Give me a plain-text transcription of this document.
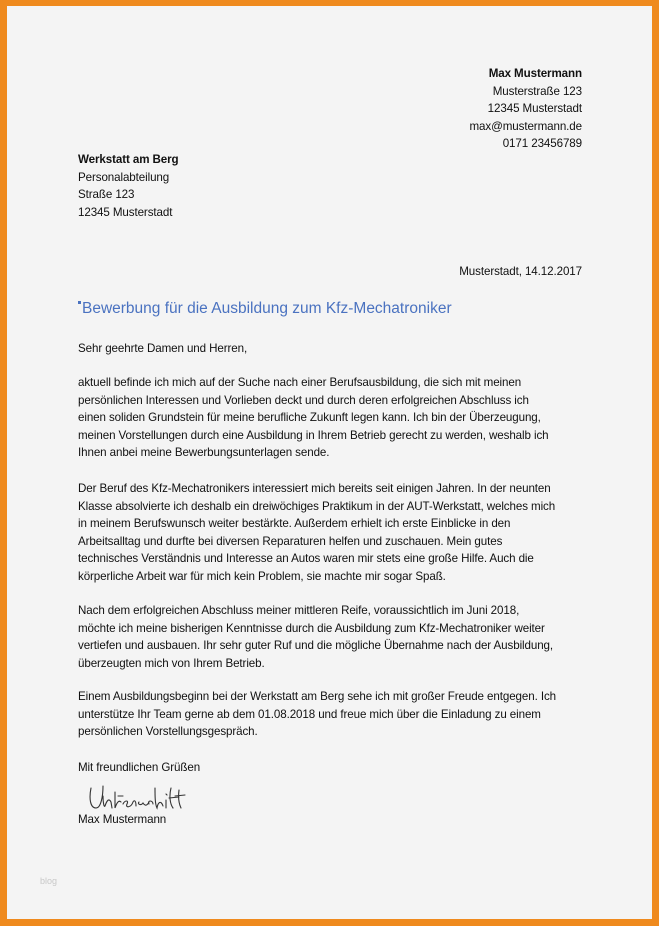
Max Mustermann
Musterstraße 123
12345 Musterstadt
max@mustermann.de
0171 23456789
Werkstatt am Berg
Personalabteilung
Straße 123
12345 Musterstadt
Musterstadt, 14.12.2017
Bewerbung für die Ausbildung zum Kfz-Mechatroniker
Sehr geehrte Damen und Herren,
aktuell befinde ich mich auf der Suche nach einer Berufsausbildung, die sich mit meinen
persönlichen Interessen und Vorlieben deckt und durch deren erfolgreichen Abschluss ich
einen soliden Grundstein für meine berufliche Zukunft legen kann. Ich bin der Überzeugung,
meinen Vorstellungen durch eine Ausbildung in Ihrem Betrieb gerecht zu werden, weshalb ich
Ihnen anbei meine Bewerbungsunterlagen sende.
Der Beruf des Kfz-Mechatronikers interessiert mich bereits seit einigen Jahren. In der neunten
Klasse absolvierte ich deshalb ein dreiwöchiges Praktikum in der AUT-Werkstatt, welches mich
in meinem Berufswunsch weiter bestärkte. Außerdem erhielt ich erste Einblicke in den
Arbeitsalltag und durfte bei diversen Reparaturen helfen und zuschauen. Mein gutes
technisches Verständnis und Interesse an Autos waren mir stets eine große Hilfe. Auch die
körperliche Arbeit war für mich kein Problem, sie machte mir sogar Spaß.
Nach dem erfolgreichen Abschluss meiner mittleren Reife, voraussichtlich im Juni 2018,
möchte ich meine bisherigen Kenntnisse durch die Ausbildung zum Kfz-Mechatroniker weiter
vertiefen und ausbauen. Ihr sehr guter Ruf und die mögliche Übernahme nach der Ausbildung,
überzeugten mich von Ihrem Betrieb.
Einem Ausbildungsbeginn bei der Werkstatt am Berg sehe ich mit großer Freude entgegen. Ich
unterstütze Ihr Team gerne ab dem 01.08.2018 und freue mich über die Einladung zu einem
persönlichen Vorstellungsgespräch.
Mit freundlichen Grüßen
Max Mustermann
blog
